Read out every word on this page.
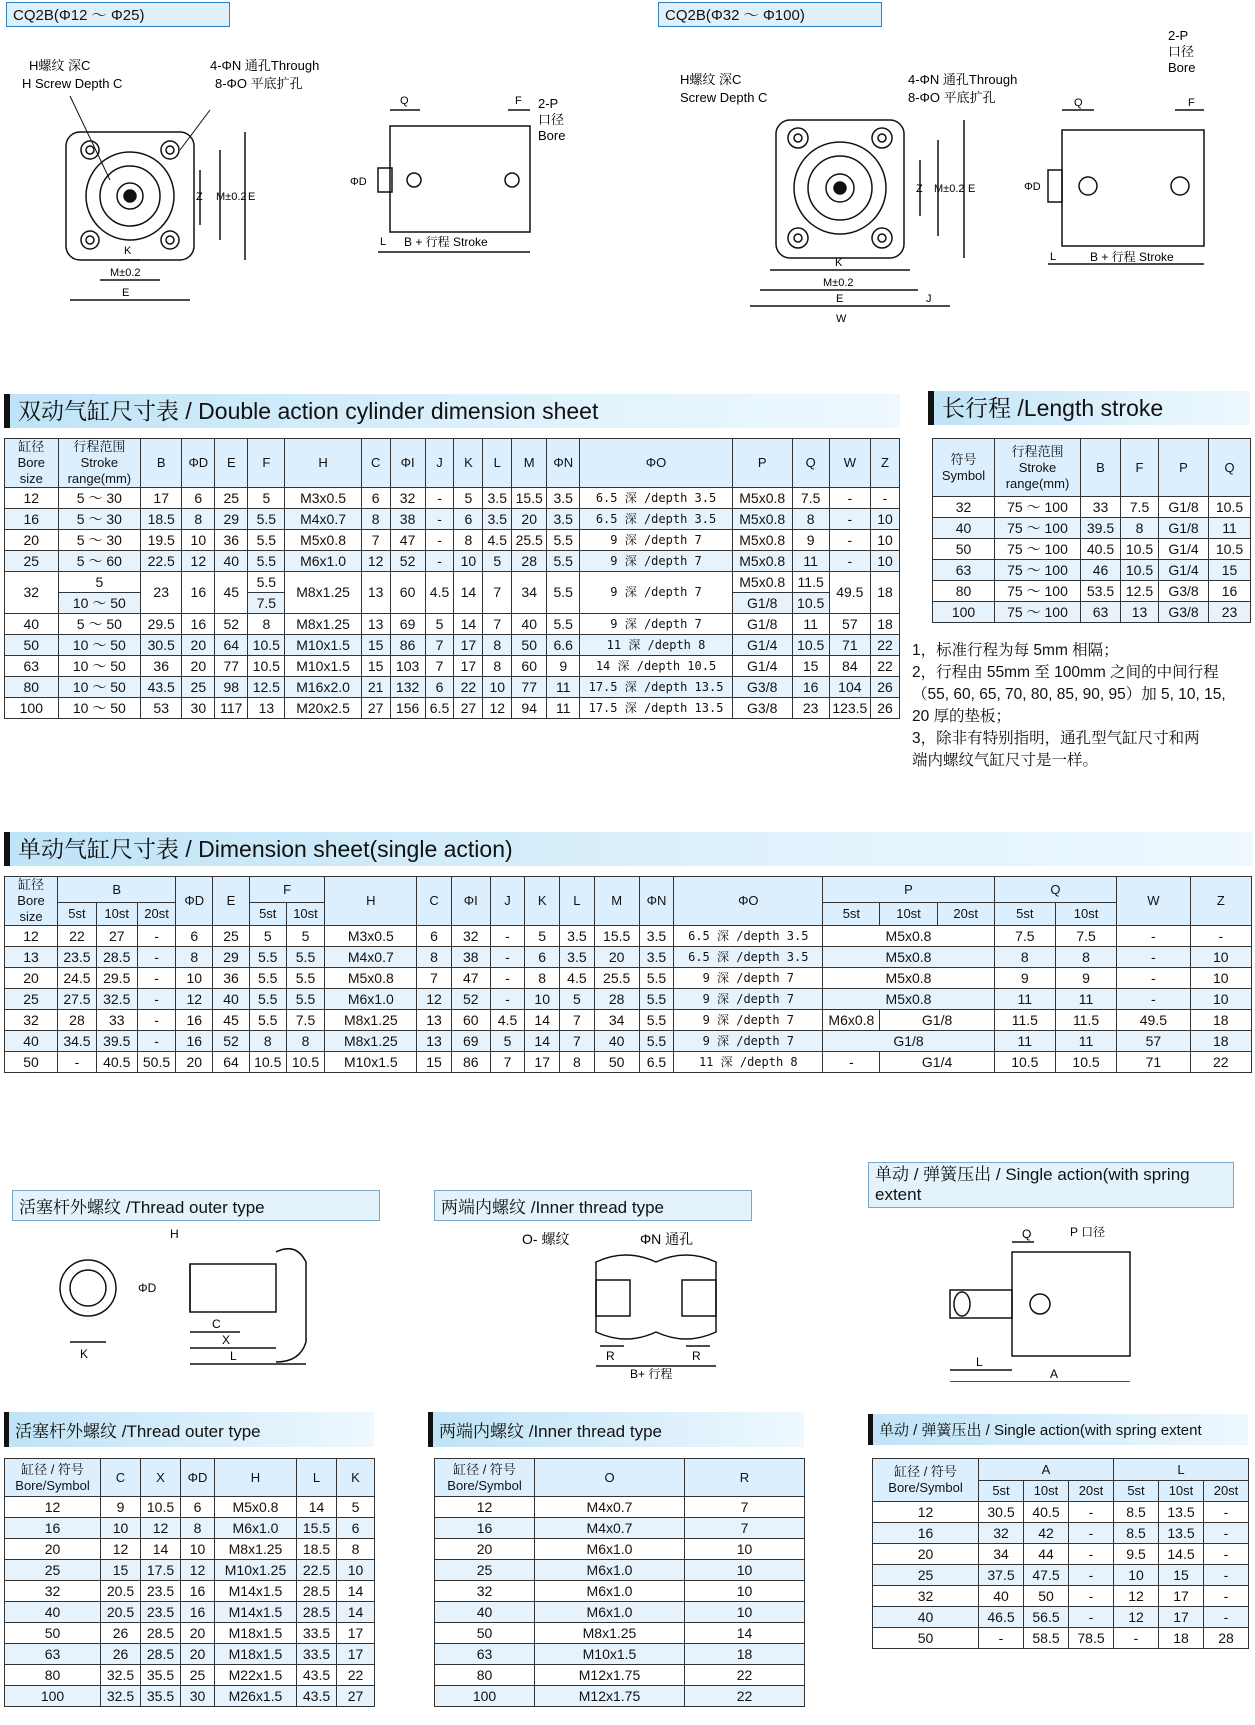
CQ2B(Φ12 ～ Φ25)	CQ2B(Φ32 ～ Φ100)
H螺纹 深C
H Screw Depth C
4-ΦN 通孔Through
8-ΦO 平底扩孔
K
M±0.2
E
Z M±0.2 E
Q	F
ΦD
L B + 行程 Stroke
2-P
口径
Bore
H螺纹 深C
Screw Depth C
4-ΦN 通孔Through
8-ΦO 平底扩孔
K
M±0.2
E
W
J
Z M±0.2 E
Q	F
ΦD
L	B + 行程 Stroke
2-P
口径
Bore
双动气缸尺寸表 / Double action cylinder dimension sheet
缸径
Bore
size	行程范围
Stroke
range(mm)	B	ΦD	E	F	H	C	ΦI	J	K	L	M	ΦN	ΦO	P	Q	W	Z
12	5 ～ 30	17	6	25	5	M3x0.5	6	32	-	5	3.5	15.5	3.5	6.5 深 /depth 3.5	M5x0.8	7.5	-	-
16	5 ～ 30	18.5	8	29	5.5	M4x0.7	8	38	-	6	3.5	20	3.5	6.5 深 /depth 3.5	M5x0.8	8	-	10
20	5 ～ 30	19.5	10	36	5.5	M5x0.8	7	47	-	8	4.5	25.5	5.5	9 深 /depth 7	M5x0.8	9	-	10
25	5 ～ 60	22.5	12	40	5.5	M6x1.0	12	52	-	10	5	28	5.5	9 深 /depth 7	M5x0.8	11	-	10
32	5	23	16	45	5.5	M8x1.25	13	60	4.5	14	7	34	5.5	9 深 /depth 7	M5x0.8	11.5	49.5	18
	10 ～ 50				7.5										G1/8	10.5		
40	5 ～ 50	29.5	16	52	8	M8x1.25	13	69	5	14	7	40	5.5	9 深 /depth 7	G1/8	11	57	18
50	10 ～ 50	30.5	20	64	10.5	M10x1.5	15	86	7	17	8	50	6.6	11 深 /depth 8	G1/4	10.5	71	22
63	10 ～ 50	36	20	77	10.5	M10x1.5	15	103	7	17	8	60	9	14 深 /depth 10.5	G1/4	15	84	22
80	10 ～ 50	43.5	25	98	12.5	M16x2.0	21	132	6	22	10	77	11	17.5 深 /depth 13.5	G3/8	16	104	26
100	10 ～ 50	53	30	117	13	M20x2.5	27	156	6.5	27	12	94	11	17.5 深 /depth 13.5	G3/8	23	123.5	26
长行程 /Length stroke
符号
Symbol	行程范围
Stroke
range(mm)	B	F	P	Q
32	75 ～ 100	33	7.5	G1/8	10.5
40	75 ～ 100	39.5	8	G1/8	11
50	75 ～ 100	40.5	10.5	G1/4	10.5
63	75 ～ 100	46	10.5	G1/4	15
80	75 ～ 100	53.5	12.5	G3/8	16
100	75 ～ 100	63	13	G3/8	23
1，标准行程为每 5mm 相隔；
2，行程由 55mm 至 100mm 之间的中间行程
（55, 60, 65, 70, 80, 85, 90, 95）加 5, 10, 15,
20 厚的垫板；
3，除非有特别指明，通孔型气缸尺寸和两
端内螺纹气缸尺寸是一样。
单动气缸尺寸表 / Dimension sheet(single action)
缸径
Bore
size	B			ΦD	E	F		H	C	ΦI	J	K	L	M	ΦN	ΦO	P			Q		W	Z
	5st	10st	20st			5st	10st										5st	10st	20st	5st	10st		
12	22	27	-	6	25	5	5	M3x0.5	6	32	-	5	3.5	15.5	3.5	6.5 深 /depth 3.5	M5x0.8			7.5	7.5	-	-
13	23.5	28.5	-	8	29	5.5	5.5	M4x0.7	8	38	-	6	3.5	20	3.5	6.5 深 /depth 3.5	M5x0.8			8	8	-	10
20	24.5	29.5	-	10	36	5.5	5.5	M5x0.8	7	47	-	8	4.5	25.5	5.5	9 深 /depth 7	M5x0.8			9	9	-	10
25	27.5	32.5	-	12	40	5.5	5.5	M6x1.0	12	52	-	10	5	28	5.5	9 深 /depth 7	M5x0.8			11	11	-	10
32	28	33	-	16	45	5.5	7.5	M8x1.25	13	60	4.5	14	7	34	5.5	9 深 /depth 7	M6x0.8	G1/8		11.5	11.5	49.5	18
40	34.5	39.5	-	16	52	8	8	M8x1.25	13	69	5	14	7	40	5.5	9 深 /depth 7	G1/8			11	11	57	18
50	-	40.5	50.5	20	64	10.5	10.5	M10x1.5	15	86	7	17	8	50	6.5	11 深 /depth 8	-	G1/4		10.5	10.5	71	22
活塞杆外螺纹 /Thread outer type
H
ΦD
C
X
L
K
两端内螺纹 /Inner thread type
O- 螺纹	ΦN 通孔
R	R
B+ 行程
单动 / 弹簧压出 / Single action(with spring extent
Q	P 口径
L
A
活塞杆外螺纹 /Thread outer type
缸径 / 符号
Bore/Symbol	C	X	ΦD	H	L	K
12	9	10.5	6	M5x0.8	14	5
16	10	12	8	M6x1.0	15.5	6
20	12	14	10	M8x1.25	18.5	8
25	15	17.5	12	M10x1.25	22.5	10
32	20.5	23.5	16	M14x1.5	28.5	14
40	20.5	23.5	16	M14x1.5	28.5	14
50	26	28.5	20	M18x1.5	33.5	17
63	26	28.5	20	M18x1.5	33.5	17
80	32.5	35.5	25	M22x1.5	43.5	22
100	32.5	35.5	30	M26x1.5	43.5	27
两端内螺纹 /Inner thread type
缸径 / 符号
Bore/Symbol	O	R
12	M4x0.7	7
16	M4x0.7	7
20	M6x1.0	10
25	M6x1.0	10
32	M6x1.0	10
40	M6x1.0	10
50	M8x1.25	14
63	M10x1.5	18
80	M12x1.75	22
100	M12x1.75	22
单动 / 弹簧压出 / Single action(with spring extent
缸径 / 符号
Bore/Symbol	A			L		
	5st	10st	20st	5st	10st	20st
12	30.5	40.5	-	8.5	13.5	-
16	32	42	-	8.5	13.5	-
20	34	44	-	9.5	14.5	-
25	37.5	47.5	-	10	15	-
32	40	50	-	12	17	-
40	46.5	56.5	-	12	17	-
50	-	58.5	78.5	-	18	28
